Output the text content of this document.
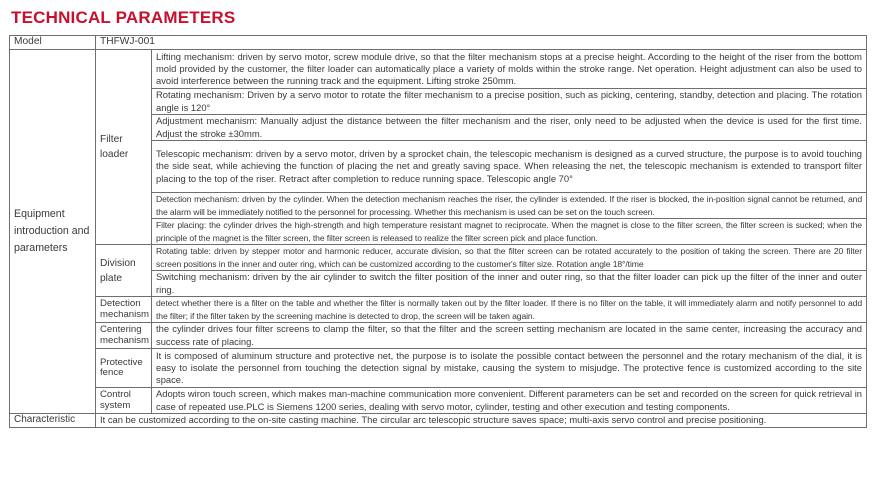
TECHNICAL PARAMETERS
Model	THFWJ-001	
Equipment introduction and parameters	Filter loader	Lifting mechanism: driven by servo motor, screw module drive, so that the filter mechanism stops at a precise height. According to the height of the riser from the bottom mold provided by the customer, the filter loader can automatically place a variety of molds within the stroke range. Net operation. Height adjustment can also be used to avoid interference between the running track and the equipment. Lifting stroke 250mm.
		Rotating mechanism: Driven by a servo motor to rotate the filter mechanism to a precise position, such as picking, centering, standby, detection and placing. The rotation angle is 120°
		Adjustment mechanism: Manually adjust the distance between the filter mechanism and the riser, only need to be adjusted when the device is used for the first time. Adjust the stroke ±30mm.
		Telescopic mechanism: driven by a servo motor, driven by a sprocket chain, the telescopic mechanism is designed as a curved structure, the purpose is to avoid touching the side seat, while achieving the function of placing the net and greatly saving space. When releasing the net, the telescopic mechanism is extended to transport filter placing to the top of the riser. Retract after completion to reduce running space. Telescopic angle 70°
		Detection mechanism: driven by the cylinder. When the detection mechanism reaches the riser, the cylinder is extended. If the riser is blocked, the in-position signal cannot be returned, and the alarm will be immediately notified to the personnel for processing. Whether this mechanism is used can be set on the touch screen.
		Filter placing: the cylinder drives the high-strength and high temperature resistant magnet to reciprocate. When the magnet is close to the filter screen, the filter screen is sucked; when the principle of the magnet is the filter screen, the filter screen is released to realize the filter screen pick and place function.
	Division plate	Rotating table: driven by stepper motor and harmonic reducer, accurate division, so that the filter screen can be rotated accurately to the position of taking the screen. There are 20 filter screen positions in the inner and outer ring, which can be customized according to the customer's filter size. Rotation angle 18°/time
		Switching mechanism: driven by the air cylinder to switch the filter position of the inner and outer ring, so that the filter loader can pick up the filter of the inner and outer ring.
	Detection mechanism	detect whether there is a filter on the table and whether the filter is normally taken out by the filter loader. If there is no filter on the table, it will immediately alarm and notify personnel to add the filter; if the filter taken by the screening machine is detected to drop, the screen will be taken again.
	Centering mechanism	the cylinder drives four filter screens to clamp the filter, so that the filter and the screen setting mechanism are located in the same center, increasing the accuracy and success rate of placing.
	Protective fence	It is composed of aluminum structure and protective net, the purpose is to isolate the possible contact between the personnel and the rotary mechanism of the dial, it is easy to isolate the personnel from touching the detection signal by mistake, causing the system to misjudge. The protective fence is customized according to the site space.
	Control system	Adopts wiron touch screen, which makes man-machine communication more convenient. Different parameters can be set and recorded on the screen for quick retrieval in case of repeated use.PLC is Siemens 1200 series, dealing with servo motor, cylinder, testing and other execution and testing components.
Characteristic	It can be customized according to the on-site casting machine. The circular arc telescopic structure saves space; multi-axis servo control and precise positioning.	
